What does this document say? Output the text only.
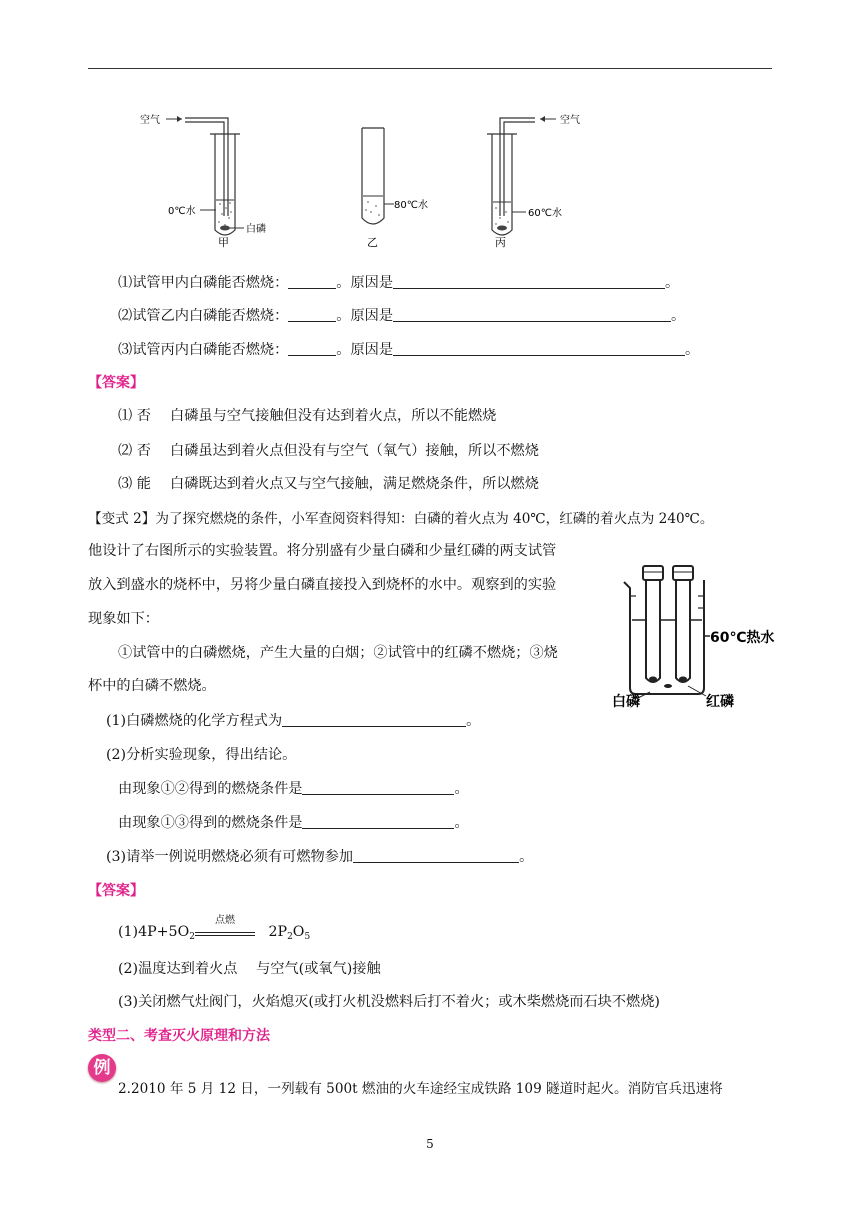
空气
0℃水
白磷
甲
80℃水
乙
60℃水
空气
丙
⑴试管甲内白磷能否燃烧：	。原因是	。
⑵试管乙内白磷能否燃烧：	。原因是	。
⑶试管丙内白磷能否燃烧：	。原因是	。
【答案】
⑴ 否 白磷虽与空气接触但没有达到着火点，所以不能燃烧
⑵ 否 白磷虽达到着火点但没有与空气（氧气）接触，所以不燃烧
⑶ 能 白磷既达到着火点又与空气接触，满足燃烧条件，所以燃烧
【变式 2】为了探究燃烧的条件，小军查阅资料得知：白磷的着火点为 40℃，红磷的着火点为 240℃。
他设计了右图所示的实验装置。将分别盛有少量白磷和少量红磷的两支试管
放入到盛水的烧杯中，另将少量白磷直接投入到烧杯的水中。观察到的实验
现象如下：
①试管中的白磷燃烧，产生大量的白烟；②试管中的红磷不燃烧；③烧
杯中的白磷不燃烧。
60℃热水
白磷	红磷
(1)白磷燃烧的化学方程式为	。
(2)分析实验现象，得出结论。
由现象①②得到的燃烧条件是	。
由现象①③得到的燃烧条件是	。
(3)请举一例说明燃烧必须有可燃物参加	。
【答案】
$(1)4P+5O_2$
点燃
$2P_2O_5$
(2)温度达到着火点　 与空气(或氧气)接触
(3)关闭燃气灶阀门，火焰熄灭(或打火机没燃料后打不着火；或木柴燃烧而石块不燃烧)
类型二、考查灭火原理和方法
例
2.2010 年 5 月 12 日，一列载有 500t 燃油的火车途经宝成铁路 109 隧道时起火。消防官兵迅速将
5
